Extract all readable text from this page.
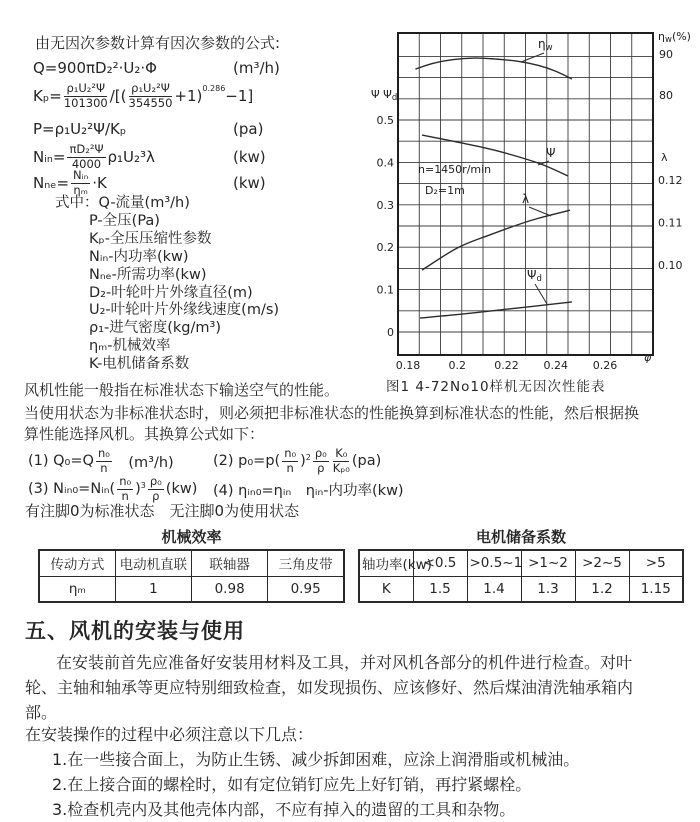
由无因次参数计算有因次参数的公式:
Q=900πD₂²·U₂·Φ	(m³/h)
$K_p= \frac{\text{ρ₁U₂²Ψ}}{101300}$ /[( $\frac{\text{ρ₁U₂²Ψ}}{354550} +1)^{0.286}-1$]
P=ρ₁U₂²Ψ/Kₚ	(pa)
Nᵢₙ= $\frac{\text{πD₂²Ψ}}{4000} \rho_1U_2^3\lambda$	(kw)
$N_{ne}= \frac{\text{Nᵢₙ}}{\text{ηₘ}} \cdot K$	(kw)
式中：Q-流量(m³/h)
P-全压(Pa)
Kₚ-全压压缩性参数
Nᵢₙ-内功率(kw)
Nₙₑ-所需功率(kw)
D₂-叶轮叶片外缘直径(m)
U₂-叶轮叶片外缘线速度(m/s)
ρ₁-进气密度(kg/m³)
ηₘ-机械效率
K-电机储备系数
0
0.1
0.2
0.3
0.4
0.5
Ψ Ψd
0.18	0.2	0.22 0.24 0.26
φ
ηw(%)
90
80
λ
0.12
0.11
0.10
n=1450r/min
D₂=1m
ηw
Ψ
λ
Ψd
图1 4-72No10样机无因次性能表
风机性能一般指在标准状态下输送空气的性能。
当使用状态为非标准状态时，则必须把非标准状态的性能换算到标准状态的性能，然后根据换
算性能选择风机。其换算公式如下：
(1) $Q_0=Q \frac{\text{n₀}}{n}$ 　(m³/h)	(2) $p_0=p( \frac{\text{n₀}}{n} )^2 \frac{\text{ρ₀}}{\rho} \frac{\text{K₀}}{\text{Kₚ₀}} (pa)$
(3) Nᵢₙ₀=Nᵢₙ( $\frac{\text{n₀}}{n} )^3 \frac{\text{ρ₀}}{\rho} (kw)$ (4) ηᵢₙ₀=ηᵢₙ　ηᵢₙ-内功率(kw)
有注脚0为标准状态　无注脚0为使用状态
机械效率
传动方式	电动机直联	联轴器	三角皮带
ηₘ	1	0.98	0.95
电机储备系数
轴功率(kw)	<0.5	>0.5~1	>1~2	>2~5	>5
K	1.5	1.4	1.3	1.2	1.15
五、风机的安装与使用
在安装前首先应准备好安装用材料及工具，并对风机各部分的机件进行检查。对叶
轮、主轴和轴承等更应特别细致检查，如发现损伤、应该修好、然后煤油清洗轴承箱内
部。
在安装操作的过程中必须注意以下几点：
1.在一些接合面上，为防止生锈、减少拆卸困难，应涂上润滑脂或机械油。
2.在上接合面的螺栓时，如有定位销钉应先上好钉销，再拧紧螺栓。
3.检查机壳内及其他壳体内部，不应有掉入的遗留的工具和杂物。
